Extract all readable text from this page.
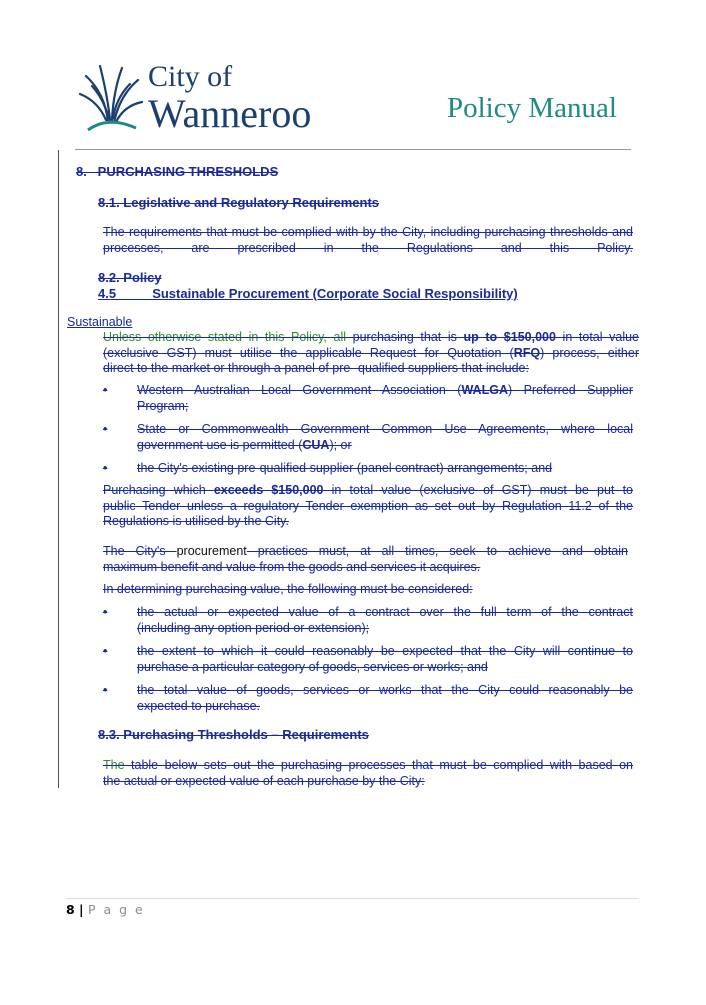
City of
Wanneroo	Policy Manual
8.   PURCHASING THRESHOLDS
8.1. Legislative and Regulatory Requirements
The requirements that must be complied with by the City, including purchasing thresholds and processes, are prescribed in the Regulations and this Policy.
8.2. Policy
4.5          Sustainable Procurement (Corporate Social Responsibility)
Sustainable
Unless otherwise stated in this Policy, all purchasing that is up to $150,000 in total value
(exclusive GST) must utilise the applicable Request for Quotation (RFQ) process, either
direct to the market or through a panel of pre- qualified suppliers that include:
• Western Australian Local Government Association (WALGA) Preferred Supplier
Program;
• State or Commonwealth Government Common Use Agreements, where local
government use is permitted (CUA); or
• the City's existing pre-qualified supplier (panel contract) arrangements; and
Purchasing which exceeds $150,000 in total value (exclusive of GST) must be put to
public Tender unless a regulatory Tender exemption as set out by Regulation 11.2 of the
Regulations is utilised by the City.
The City's procurement practices must, at all times, seek to achieve and obtain
maximum benefit and value from the goods and services it acquires.
In determining purchasing value, the following must be considered:
• the actual or expected value of a contract over the full term of the contract
(including any option period or extension);
• the extent to which it could reasonably be expected that the City will continue to
purchase a particular category of goods, services or works; and
• the total value of goods, services or works that the City could reasonably be
expected to purchase.
8.3. Purchasing Thresholds – Requirements
The table below sets out the purchasing processes that must be complied with based on
the actual or expected value of each purchase by the City:
8 | P a g e
